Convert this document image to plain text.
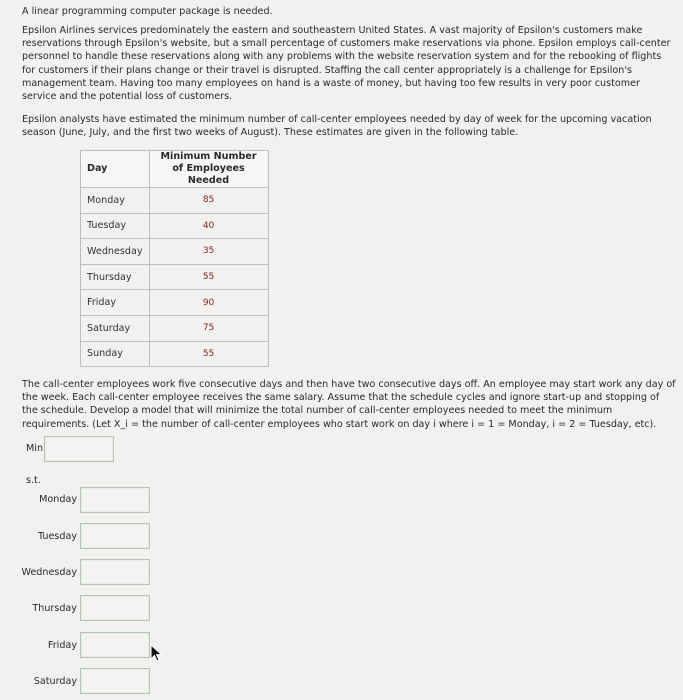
A linear programming computer package is needed.

Epsilon Airlines services predominately the eastern and southeastern United States. A vast majority of Epsilon's customers make reservations through Epsilon's website, but a small percentage of customers make reservations via phone. Epsilon employs call-center personnel to handle these reservations along with any problems with the website reservation system and for the rebooking of flights for customers if their plans change or their travel is disrupted. Staffing the call center appropriately is a challenge for Epsilon's management team. Having too many employees on hand is a waste of money, but having too few results in very poor customer service and the potential loss of customers.

Epsilon analysts have estimated the minimum number of call-center employees needed by day of week for the upcoming vacation season (June, July, and the first two weeks of August). These estimates are given in the following table.

Day	Minimum Number of Employees Needed
Monday	85
Tuesday	40
Wednesday	35
Thursday	55
Friday	90
Saturday	75
Sunday	55

The call-center employees work five consecutive days and then have two consecutive days off. An employee may start work any day of the week. Each call-center employee receives the same salary. Assume that the schedule cycles and ignore start-up and stopping of the schedule. Develop a model that will minimize the total number of call-center employees needed to meet the minimum requirements. (Let X_i = the number of call-center employees who start work on day i where i = 1 = Monday, i = 2 = Tuesday, etc).

Min
s.t.
Monday
Tuesday
Wednesday
Thursday
Friday
Saturday
